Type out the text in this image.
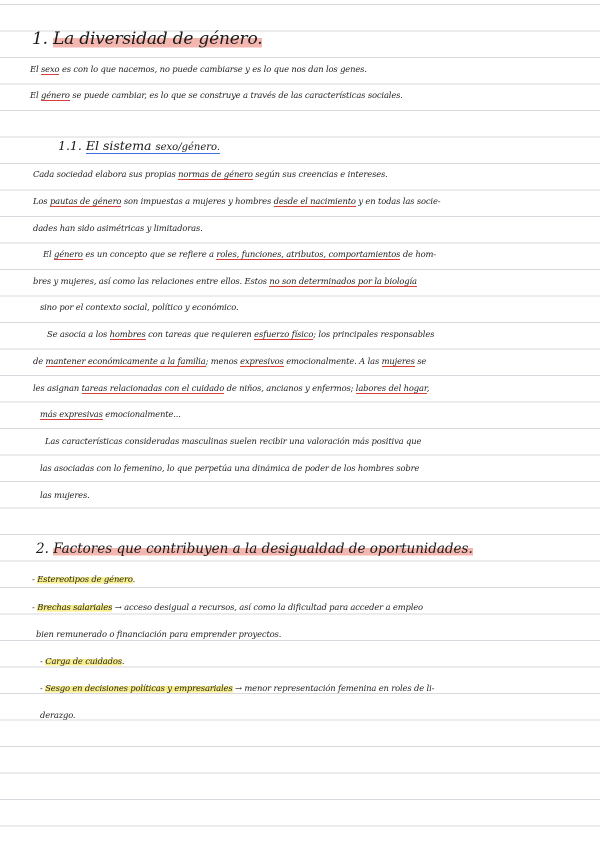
1. La diversidad de género.
El sexo es con lo que nacemos, no puede cambiarse y es lo que nos dan los genes.
El género se puede cambiar, es lo que se construye a través de las características sociales.
1.1. El sistema sexo/género.
Cada sociedad elabora sus propias normas de género según sus creencias e intereses.
Los pautas de género son impuestas a mujeres y hombres desde el nacimiento y en todas las socie-
dades han sido asimétricas y limitadoras.
El género es un concepto que se refiere a roles, funciones, atributos, comportamientos de hom-
bres y mujeres, así como las relaciones entre ellos. Estos no son determinados por la biología
sino por el contexto social, político y económico.
Se asocia a los hombres con tareas que requieren esfuerzo físico; los principales responsables
de mantener económicamente a la familia; menos expresivos emocionalmente. A las mujeres se
les asignan tareas relacionadas con el cuidado de niños, ancianos y enfermos; labores del hogar,
más expresivas emocionalmente...
Las características consideradas masculinas suelen recibir una valoración más positiva que
las asociadas con lo femenino, lo que perpetúa una dinámica de poder de los hombres sobre
las mujeres.
2. Factores que contribuyen a la desigualdad de oportunidades.
- Estereotipos de género.
- Brechas salariales → acceso desigual a recursos, así como la dificultad para acceder a empleo
bien remunerado o financiación para emprender proyectos.
- Carga de cuidados.
- Sesgo en decisiones políticas y empresariales → menor representación femenina en roles de li-
derazgo.
